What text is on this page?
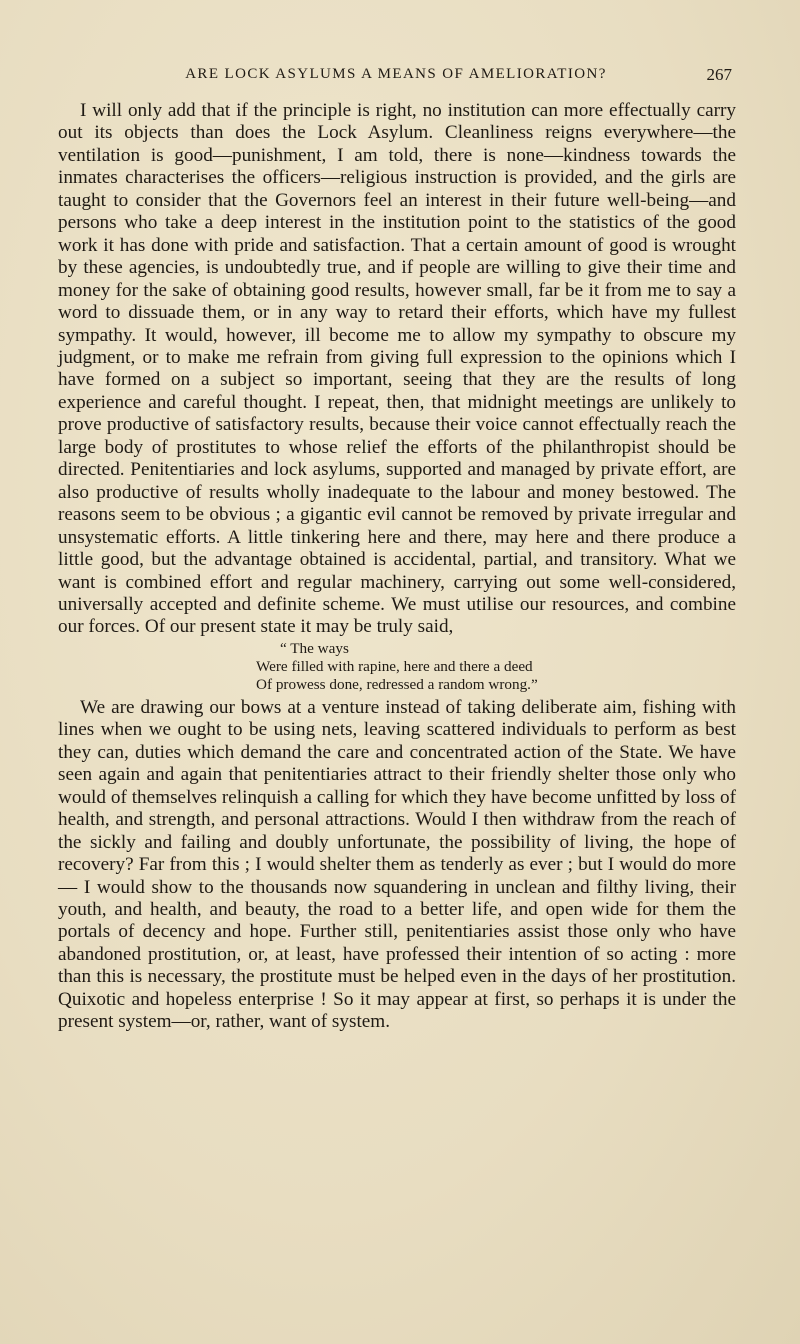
ARE LOCK ASYLUMS A MEANS OF AMELIORATION?	267

I will only add that if the principle is right, no institution can more effectually carry out its objects than does the Lock Asylum. Cleanliness reigns everywhere—the ventilation is good—punishment, I am told, there is none—kindness towards the inmates characterises the officers—religious instruction is provided, and the girls are taught to consider that the Governors feel an interest in their future well-being—and persons who take a deep interest in the institution point to the statistics of the good work it has done with pride and satisfaction. That a certain amount of good is wrought by these agencies, is undoubtedly true, and if people are willing to give their time and money for the sake of obtaining good results, however small, far be it from me to say a word to dissuade them, or in any way to retard their efforts, which have my fullest sympathy. It would, however, ill become me to allow my sympathy to obscure my judgment, or to make me refrain from giving full expression to the opinions which I have formed on a subject so important, seeing that they are the results of long experience and careful thought. I repeat, then, that midnight meetings are unlikely to prove productive of satisfactory results, because their voice cannot effectually reach the large body of prostitutes to whose relief the efforts of the philanthropist should be directed. Penitentiaries and lock asylums, supported and managed by private effort, are also productive of results wholly inadequate to the labour and money bestowed. The reasons seem to be obvious ; a gigantic evil cannot be removed by private irregular and unsystematic efforts. A little tinkering here and there, may here and there produce a little good, but the advantage obtained is accidental, partial, and transitory. What we want is combined effort and regular machinery, carrying out some well-considered, universally accepted and definite scheme. We must utilise our resources, and combine our forces. Of our present state it may be truly said,

“ The ways
Were filled with rapine, here and there a deed
Of prowess done, redressed a random wrong.”

We are drawing our bows at a venture instead of taking deliberate aim, fishing with lines when we ought to be using nets, leaving scattered individuals to perform as best they can, duties which demand the care and concentrated action of the State. We have seen again and again that penitentiaries attract to their friendly shelter those only who would of themselves relinquish a calling for which they have become unfitted by loss of health, and strength, and personal attractions. Would I then withdraw from the reach of the sickly and failing and doubly unfortunate, the possibility of living, the hope of recovery? Far from this ; I would shelter them as tenderly as ever ; but I would do more— I would show to the thousands now squandering in unclean and filthy living, their youth, and health, and beauty, the road to a better life, and open wide for them the portals of decency and hope. Further still, penitentiaries assist those only who have abandoned prostitution, or, at least, have professed their intention of so acting : more than this is necessary, the prostitute must be helped even in the days of her prostitution. Quixotic and hopeless enterprise ! So it may appear at first, so perhaps it is under the present system—or, rather, want of system.
